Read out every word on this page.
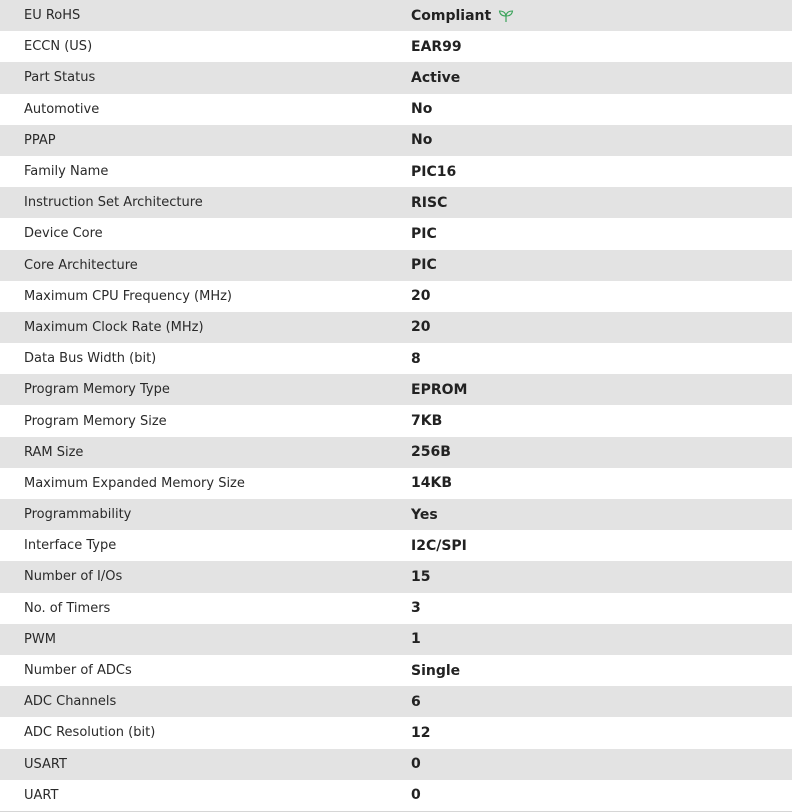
EU RoHS	Compliant
ECCN (US)	EAR99
Part Status	Active
Automotive	No
PPAP	No
Family Name	PIC16
Instruction Set Architecture	RISC
Device Core	PIC
Core Architecture	PIC
Maximum CPU Frequency (MHz)	20
Maximum Clock Rate (MHz)	20
Data Bus Width (bit)	8
Program Memory Type	EPROM
Program Memory Size	7KB
RAM Size	256B
Maximum Expanded Memory Size	14KB
Programmability	Yes
Interface Type	I2C/SPI
Number of I/Os	15
No. of Timers	3
PWM	1
Number of ADCs	Single
ADC Channels	6
ADC Resolution (bit)	12
USART	0
UART	0
